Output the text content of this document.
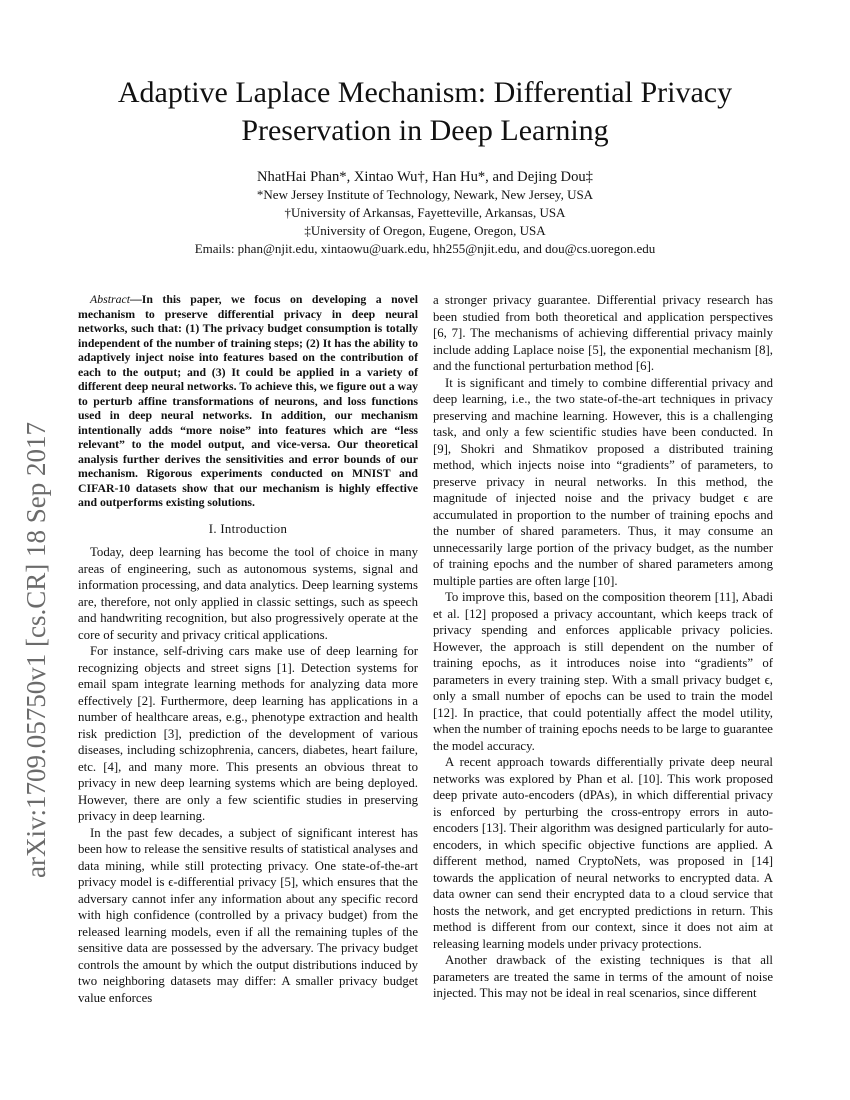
arXiv:1709.05750v1 [cs.CR] 18 Sep 2017
Adaptive Laplace Mechanism: Differential Privacy Preservation in Deep Learning
NhatHai Phan*, Xintao Wu†, Han Hu*, and Dejing Dou‡
*New Jersey Institute of Technology, Newark, New Jersey, USA
†University of Arkansas, Fayetteville, Arkansas, USA
‡University of Oregon, Eugene, Oregon, USA
Emails: phan@njit.edu, xintaowu@uark.edu, hh255@njit.edu, and dou@cs.uoregon.edu

Abstract—In this paper, we focus on developing a novel mechanism to preserve differential privacy in deep neural networks, such that: (1) The privacy budget consumption is totally independent of the number of training steps; (2) It has the ability to adaptively inject noise into features based on the contribution of each to the output; and (3) It could be applied in a variety of different deep neural networks. To achieve this, we figure out a way to perturb affine transformations of neurons, and loss functions used in deep neural networks. In addition, our mechanism intentionally adds “more noise” into features which are “less relevant” to the model output, and vice-versa. Our theoretical analysis further derives the sensitivities and error bounds of our mechanism. Rigorous experiments conducted on MNIST and CIFAR-10 datasets show that our mechanism is highly effective and outperforms existing solutions.

I. Introduction

Today, deep learning has become the tool of choice in many areas of engineering, such as autonomous systems, signal and information processing, and data analytics. Deep learning systems are, therefore, not only applied in classic settings, such as speech and handwriting recognition, but also progressively operate at the core of security and privacy critical applications.

For instance, self-driving cars make use of deep learning for recognizing objects and street signs [1]. Detection systems for email spam integrate learning methods for analyzing data more effectively [2]. Furthermore, deep learning has applications in a number of healthcare areas, e.g., phenotype extraction and health risk prediction [3], prediction of the development of various diseases, including schizophrenia, cancers, diabetes, heart failure, etc. [4], and many more. This presents an obvious threat to privacy in new deep learning systems which are being deployed. However, there are only a few scientific studies in preserving privacy in deep learning.

In the past few decades, a subject of significant interest has been how to release the sensitive results of statistical analyses and data mining, while still protecting privacy. One state-of-the-art privacy model is ϵ-differential privacy [5], which ensures that the adversary cannot infer any information about any specific record with high confidence (controlled by a privacy budget) from the released learning models, even if all the remaining tuples of the sensitive data are possessed by the adversary. The privacy budget controls the amount by which the output distributions induced by two neighboring datasets may differ: A smaller privacy budget value enforces

a stronger privacy guarantee. Differential privacy research has been studied from both theoretical and application perspectives [6, 7]. The mechanisms of achieving differential privacy mainly include adding Laplace noise [5], the exponential mechanism [8], and the functional perturbation method [6].

It is significant and timely to combine differential privacy and deep learning, i.e., the two state-of-the-art techniques in privacy preserving and machine learning. However, this is a challenging task, and only a few scientific studies have been conducted. In [9], Shokri and Shmatikov proposed a distributed training method, which injects noise into “gradients” of parameters, to preserve privacy in neural networks. In this method, the magnitude of injected noise and the privacy budget ϵ are accumulated in proportion to the number of training epochs and the number of shared parameters. Thus, it may consume an unnecessarily large portion of the privacy budget, as the number of training epochs and the number of shared parameters among multiple parties are often large [10].

To improve this, based on the composition theorem [11], Abadi et al. [12] proposed a privacy accountant, which keeps track of privacy spending and enforces applicable privacy policies. However, the approach is still dependent on the number of training epochs, as it introduces noise into “gradients” of parameters in every training step. With a small privacy budget ϵ, only a small number of epochs can be used to train the model [12]. In practice, that could potentially affect the model utility, when the number of training epochs needs to be large to guarantee the model accuracy.

A recent approach towards differentially private deep neural networks was explored by Phan et al. [10]. This work proposed deep private auto-encoders (dPAs), in which differential privacy is enforced by perturbing the cross-entropy errors in auto-encoders [13]. Their algorithm was designed particularly for auto-encoders, in which specific objective functions are applied. A different method, named CryptoNets, was proposed in [14] towards the application of neural networks to encrypted data. A data owner can send their encrypted data to a cloud service that hosts the network, and get encrypted predictions in return. This method is different from our context, since it does not aim at releasing learning models under privacy protections.

Another drawback of the existing techniques is that all parameters are treated the same in terms of the amount of noise injected. This may not be ideal in real scenarios, since different
